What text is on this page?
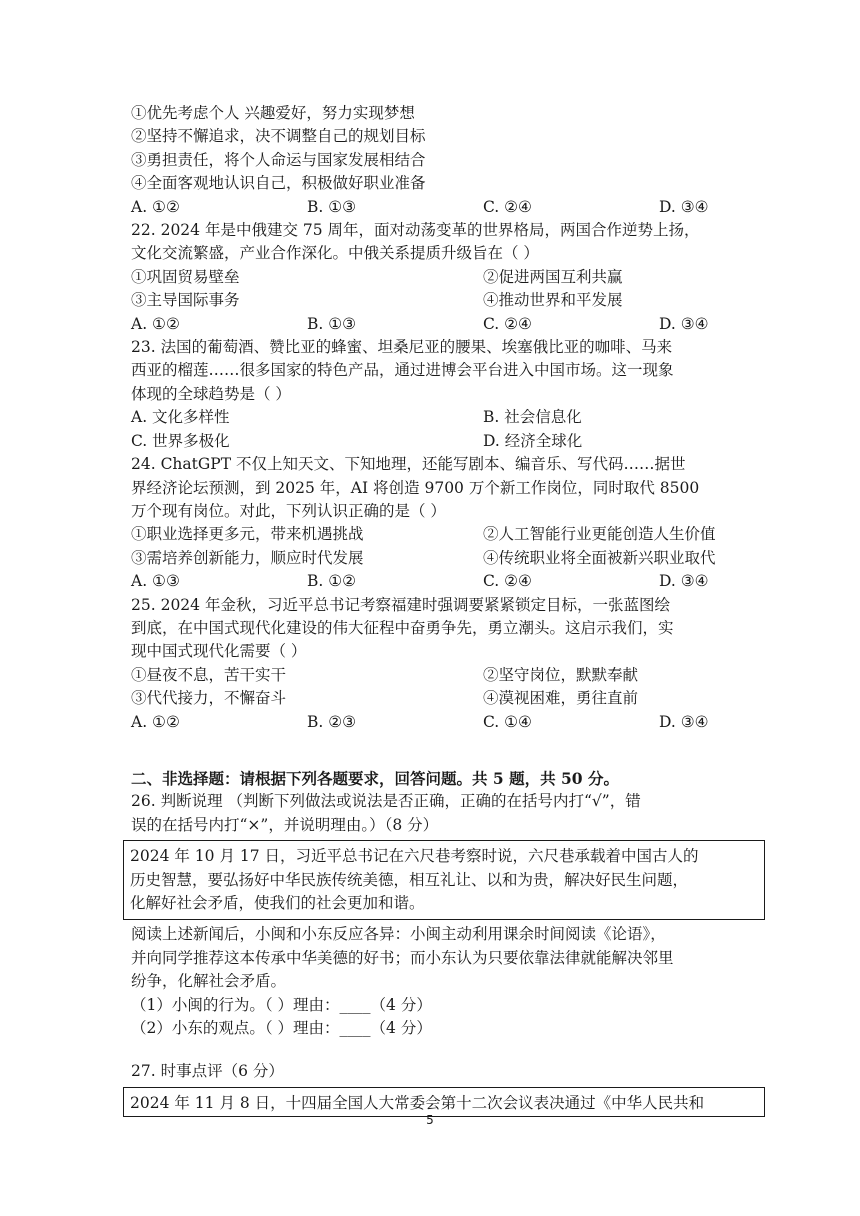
①优先考虑个人 兴趣爱好，努力实现梦想
②坚持不懈追求，决不调整自己的规划目标
③勇担责任，将个人命运与国家发展相结合
④全面客观地认识自己，积极做好职业准备
A. ①②	B. ①③	C. ②④	D. ③④
22. 2024 年是中俄建交 75 周年，面对动荡变革的世界格局，两国合作逆势上扬，
文化交流繁盛，产业合作深化。中俄关系提质升级旨在（ ）
①巩固贸易壁垒	②促进两国互利共赢
③主导国际事务	④推动世界和平发展
A. ①②	B. ①③	C. ②④	D. ③④
23. 法国的葡萄酒、赞比亚的蜂蜜、坦桑尼亚的腰果、埃塞俄比亚的咖啡、马来
西亚的榴莲……很多国家的特色产品，通过进博会平台进入中国市场。这一现象
体现的全球趋势是（ ）
A. 文化多样性	B. 社会信息化
C. 世界多极化	D. 经济全球化
24. ChatGPT 不仅上知天文、下知地理，还能写剧本、编音乐、写代码……据世
界经济论坛预测，到 2025 年，AI 将创造 9700 万个新工作岗位，同时取代 8500
万个现有岗位。对此，下列认识正确的是（ ）
①职业选择更多元，带来机遇挑战	②人工智能行业更能创造人生价值
③需培养创新能力，顺应时代发展	④传统职业将全面被新兴职业取代
A. ①③	B. ①②	C. ②④	D. ③④
25. 2024 年金秋，习近平总书记考察福建时强调要紧紧锁定目标，一张蓝图绘
到底，在中国式现代化建设的伟大征程中奋勇争先，勇立潮头。这启示我们，实
现中国式现代化需要（ ）
①昼夜不息，苦干实干	②坚守岗位，默默奉献
③代代接力，不懈奋斗	④漠视困难，勇往直前
A. ①②	B. ②③	C. ①④	D. ③④
二、非选择题：请根据下列各题要求，回答问题。共 5 题，共 50 分。
26. 判断说理 （判断下列做法或说法是否正确，正确的在括号内打“√”，错
误的在括号内打“×”，并说明理由。）（8 分）
2024 年 10 月 17 日，习近平总书记在六尺巷考察时说，六尺巷承载着中国古人的
历史智慧，要弘扬好中华民族传统美德，相互礼让、以和为贵，解决好民生问题，
化解好社会矛盾，使我们的社会更加和谐。
阅读上述新闻后，小闽和小东反应各异：小闽主动利用课余时间阅读《论语》，
并向同学推荐这本传承中华美德的好书；而小东认为只要依靠法律就能解决邻里
纷争，化解社会矛盾。
（1）小闽的行为。（ ）理由：____（4 分）
（2）小东的观点。（ ）理由：____（4 分）
27. 时事点评（6 分）
2024 年 11 月 8 日，十四届全国人大常委会第十二次会议表决通过《中华人民共和
5
